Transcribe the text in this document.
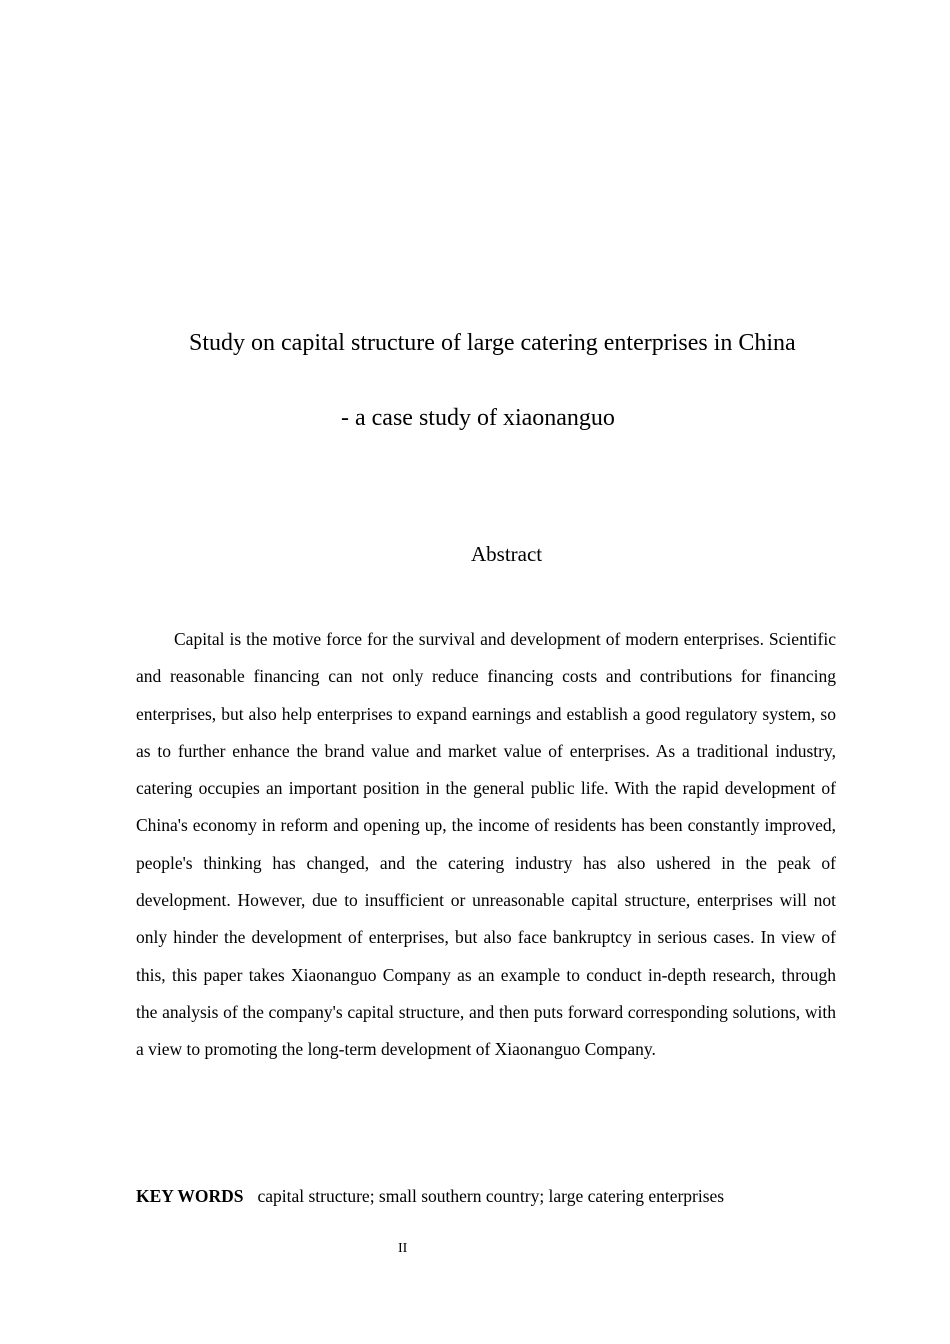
Study on capital structure of large catering enterprises in China
- a case study of xiaonanguo
Abstract

Capital is the motive force for the survival and development of modern enterprises. Scientific and reasonable financing can not only reduce financing costs and contributions for financing enterprises, but also help enterprises to expand earnings and establish a good regulatory system, so as to further enhance the brand value and market value of enterprises. As a traditional industry, catering occupies an important position in the general public life. With the rapid development of China's economy in reform and opening up, the income of residents has been constantly improved, people's thinking has changed, and the catering industry has also ushered in the peak of development. However, due to insufficient or unreasonable capital structure, enterprises will not only hinder the development of enterprises, but also face bankruptcy in serious cases. In view of this, this paper takes Xiaonanguo Company as an example to conduct in-depth research, through the analysis of the company's capital structure, and then puts forward corresponding solutions, with a view to promoting the long-term development of Xiaonanguo Company.

KEY WORDS capital structure; small southern country; large catering enterprises
II
